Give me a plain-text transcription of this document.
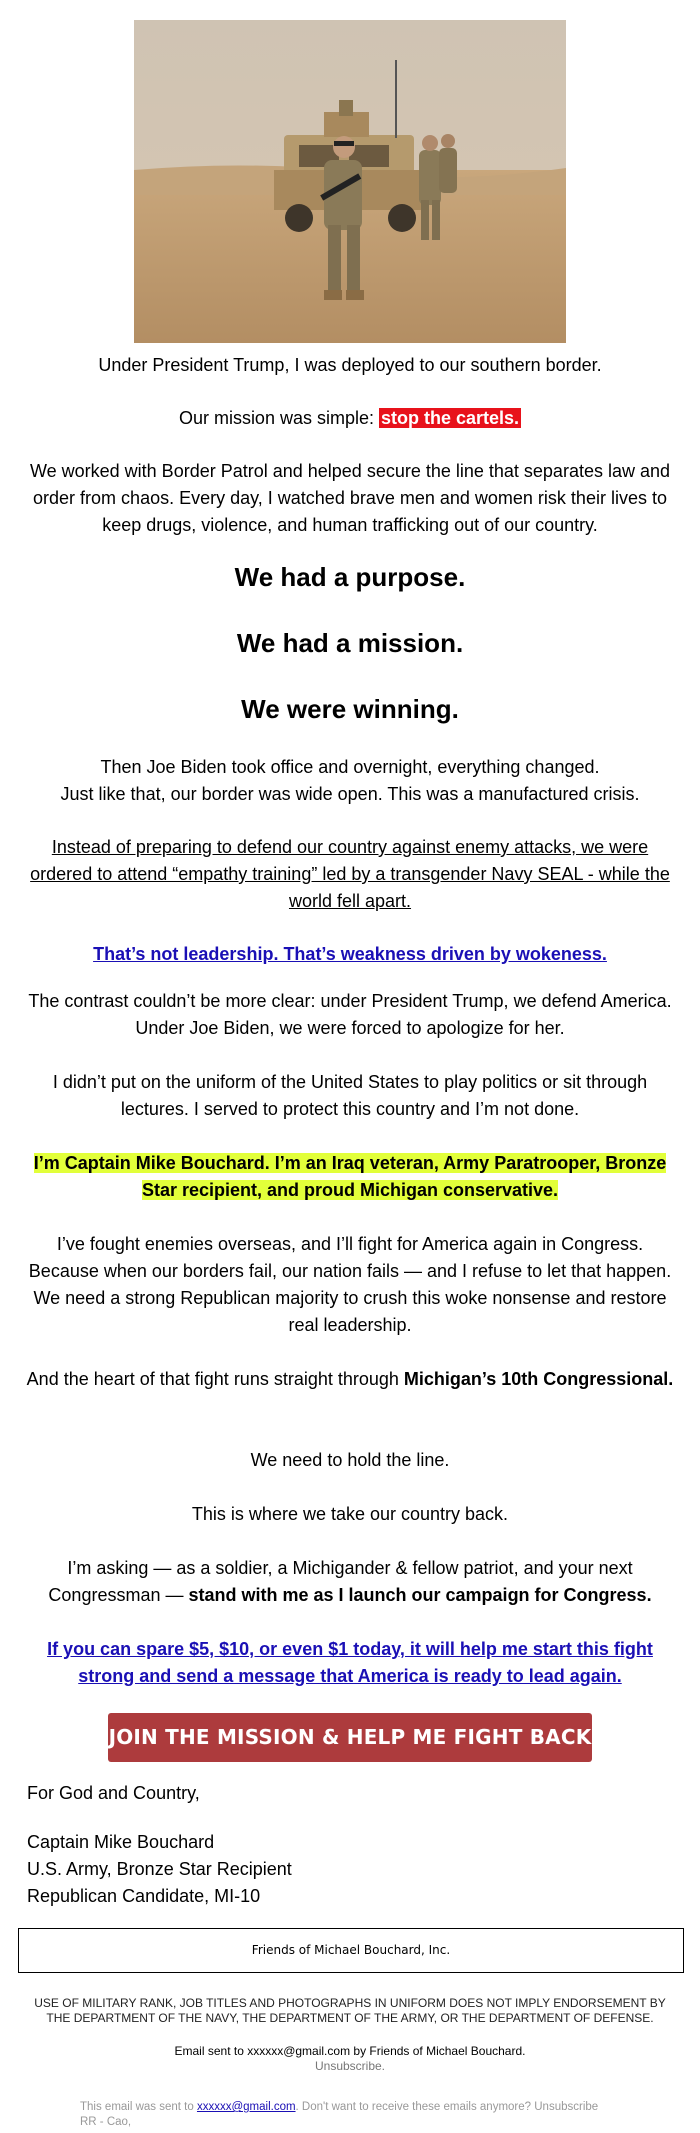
Under President Trump, I was deployed to our southern border.
Our mission was simple: stop the cartels.
We worked with Border Patrol and helped secure the line that separates law and order from chaos. Every day, I watched brave men and women risk their lives to keep drugs, violence, and human trafficking out of our country.
We had a purpose.
We had a mission.
We were winning.
Then Joe Biden took office and overnight, everything changed.
Just like that, our border was wide open. This was a manufactured crisis.
Instead of preparing to defend our country against enemy attacks, we were ordered to attend “empathy training” led by a transgender Navy SEAL - while the world fell apart.
That’s not leadership. That’s weakness driven by wokeness.
The contrast couldn’t be more clear: under President Trump, we defend America. Under Joe Biden, we were forced to apologize for her.
I didn’t put on the uniform of the United States to play politics or sit through lectures. I served to protect this country and I’m not done.
I’m Captain Mike Bouchard. I’m an Iraq veteran, Army Paratrooper, Bronze Star recipient, and proud Michigan conservative.
I’ve fought enemies overseas, and I’ll fight for America again in Congress. Because when our borders fail, our nation fails — and I refuse to let that happen. We need a strong Republican majority to crush this woke nonsense and restore real leadership.
And the heart of that fight runs straight through Michigan’s 10th Congressional.
We need to hold the line.
This is where we take our country back.
I’m asking — as a soldier, a Michigander & fellow patriot, and your next Congressman — stand with me as I launch our campaign for Congress.
If you can spare $5, $10, or even $1 today, it will help me start this fight strong and send a message that America is ready to lead again.
JOIN THE MISSION & HELP ME FIGHT BACK
For God and Country,
Captain Mike Bouchard
U.S. Army, Bronze Star Recipient
Republican Candidate, MI-10
Friends of Michael Bouchard, Inc.
USE OF MILITARY RANK, JOB TITLES AND PHOTOGRAPHS IN UNIFORM DOES NOT IMPLY ENDORSEMENT BY THE DEPARTMENT OF THE NAVY, THE DEPARTMENT OF THE ARMY, OR THE DEPARTMENT OF DEFENSE.
Email sent to xxxxxx@gmail.com by Friends of Michael Bouchard.
Unsubscribe.
This email was sent to xxxxxx@gmail.com. Don't want to receive these emails anymore? Unsubscribe
RR - Cao,
